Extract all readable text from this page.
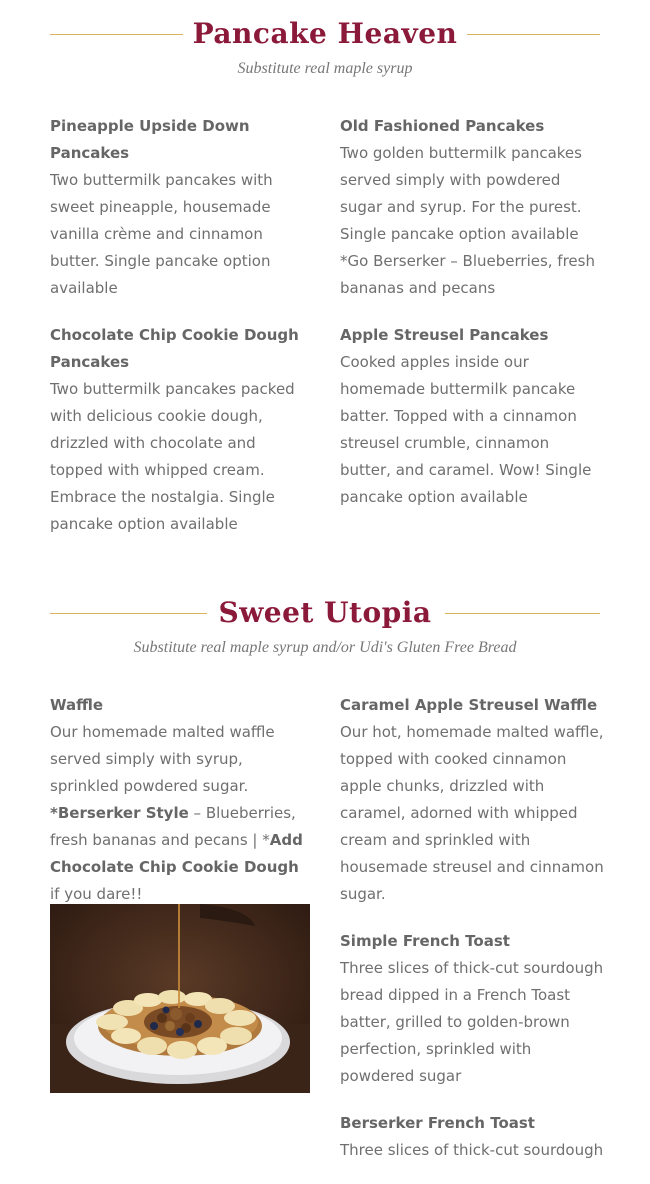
Pancake Heaven
Substitute real maple syrup
Pineapple Upside Down Pancakes
Two buttermilk pancakes with sweet pineapple, housemade vanilla crème and cinnamon butter. Single pancake option available
Chocolate Chip Cookie Dough Pancakes
Two buttermilk pancakes packed with delicious cookie dough, drizzled with chocolate and topped with whipped cream. Embrace the nostalgia. Single pancake option available
Old Fashioned Pancakes
Two golden buttermilk pancakes served simply with powdered sugar and syrup. For the purest. Single pancake option available *Go Berserker – Blueberries, fresh bananas and pecans
Apple Streusel Pancakes
Cooked apples inside our homemade buttermilk pancake batter. Topped with a cinnamon streusel crumble, cinnamon butter, and caramel. Wow! Single pancake option available
Sweet Utopia
Substitute real maple syrup and/or Udi's Gluten Free Bread
Waffle
Our homemade malted waffle served simply with syrup, sprinkled powdered sugar. *Berserker Style – Blueberries, fresh bananas and pecans | *Add Chocolate Chip Cookie Dough if you dare!!
Caramel Apple Streusel Waffle
Our hot, homemade malted waffle, topped with cooked cinnamon apple chunks, drizzled with caramel, adorned with whipped cream and sprinkled with housemade streusel and cinnamon sugar.
Simple French Toast
Three slices of thick-cut sourdough bread dipped in a French Toast batter, grilled to golden-brown perfection, sprinkled with powdered sugar
Berserker French Toast
Three slices of thick-cut sourdough
